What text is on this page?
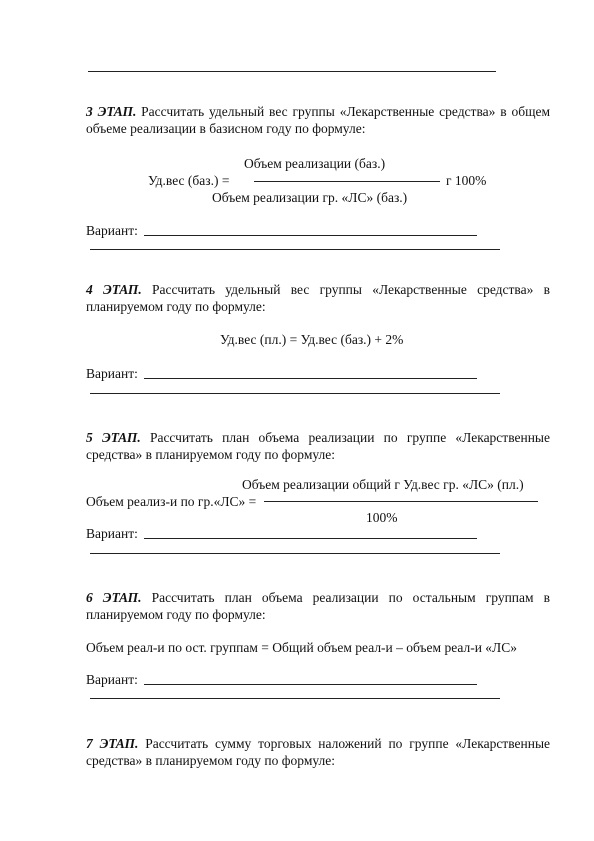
3 ЭТАП. Рассчитать удельный вес группы «Лекарственные средства» в общем объеме реализации в базисном году по формуле:
Объем реализации (баз.)
Уд.вес (баз.) =	г 100%
Объем реализации гр. «ЛС» (баз.)
Вариант:
4 ЭТАП. Рассчитать удельный вес группы «Лекарственные средства» в планируемом году по формуле:
Уд.вес (пл.) = Уд.вес (баз.) + 2%
Вариант:
5 ЭТАП. Рассчитать план объема реализации по группе «Лекарственные средства» в планируемом году по формуле:
Объем реализации общий г Уд.вес гр. «ЛС» (пл.)
Объем реализ-и по гр.«ЛС» =
100%
Вариант:
6 ЭТАП. Рассчитать план объема реализации по остальным группам в планируемом году по формуле:
Объем реал-и по ост. группам = Общий объем реал-и – объем реал-и «ЛС»
Вариант:
7 ЭТАП. Рассчитать сумму торговых наложений по группе «Лекарственные средства» в планируемом году по формуле:
